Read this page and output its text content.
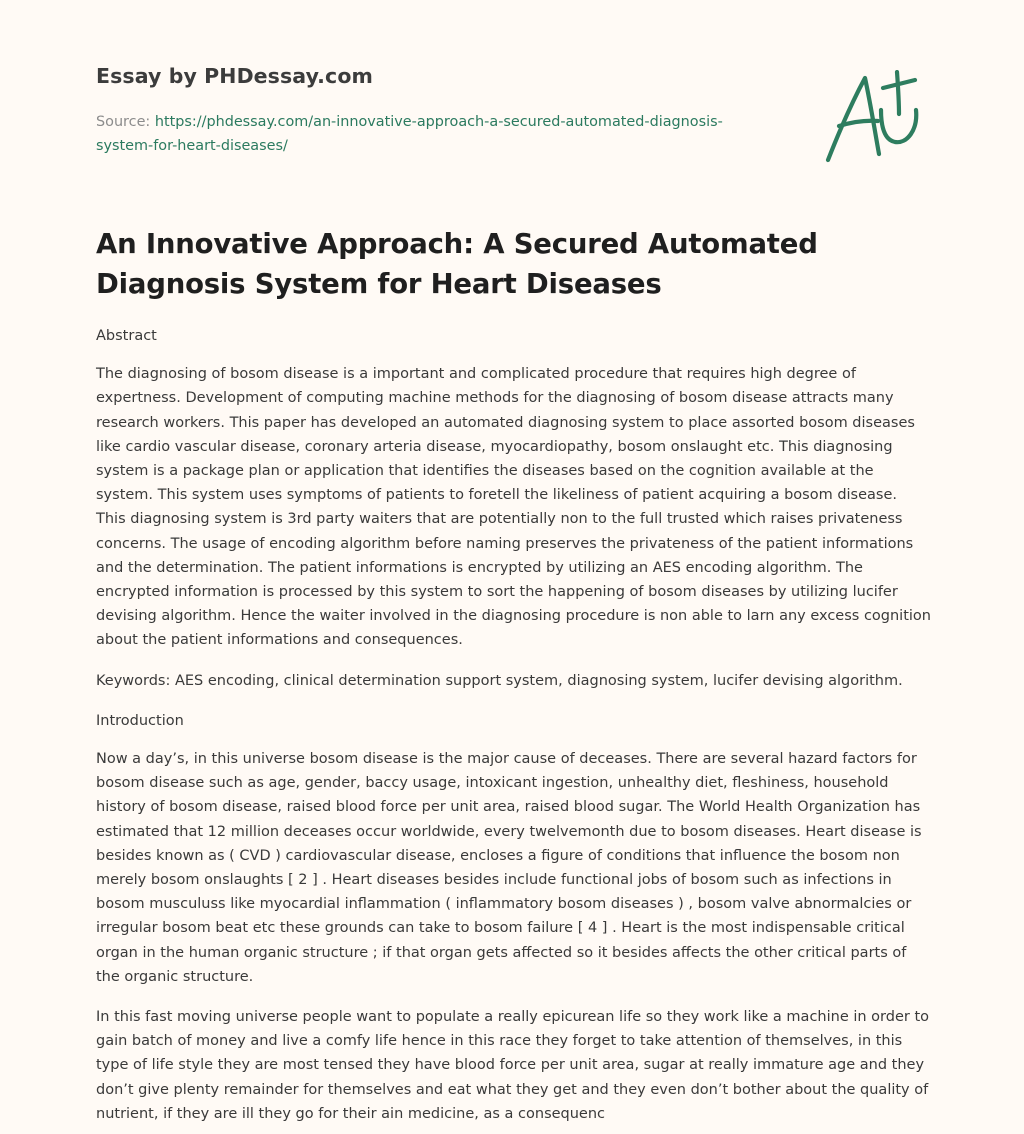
Essay by PHDessay.com
Source: https://phdessay.com/an-innovative-approach-a-secured-automated-diagnosis-system-for-heart-diseases/
An Innovative Approach: A Secured Automated Diagnosis System for Heart Diseases

Abstract

The diagnosing of bosom disease is a important and complicated procedure that requires high degree of expertness. Development of computing machine methods for the diagnosing of bosom disease attracts many research workers. This paper has developed an automated diagnosing system to place assorted bosom diseases like cardio vascular disease, coronary arteria disease, myocardiopathy, bosom onslaught etc. This diagnosing system is a package plan or application that identifies the diseases based on the cognition available at the system. This system uses symptoms of patients to foretell the likeliness of patient acquiring a bosom disease. This diagnosing system is 3rd party waiters that are potentially non to the full trusted which raises privateness concerns. The usage of encoding algorithm before naming preserves the privateness of the patient informations and the determination. The patient informations is encrypted by utilizing an AES encoding algorithm. The encrypted information is processed by this system to sort the happening of bosom diseases by utilizing lucifer devising algorithm. Hence the waiter involved in the diagnosing procedure is non able to larn any excess cognition about the patient informations and consequences.

Keywords: AES encoding, clinical determination support system, diagnosing system, lucifer devising algorithm.

Introduction

Now a day’s, in this universe bosom disease is the major cause of deceases. There are several hazard factors for bosom disease such as age, gender, baccy usage, intoxicant ingestion, unhealthy diet, fleshiness, household history of bosom disease, raised blood force per unit area, raised blood sugar. The World Health Organization has estimated that 12 million deceases occur worldwide, every twelvemonth due to bosom diseases. Heart disease is besides known as ( CVD ) cardiovascular disease, encloses a figure of conditions that influence the bosom non merely bosom onslaughts [ 2 ] . Heart diseases besides include functional jobs of bosom such as infections in bosom musculuss like myocardial inflammation ( inflammatory bosom diseases ) , bosom valve abnormalcies or irregular bosom beat etc these grounds can take to bosom failure [ 4 ] . Heart is the most indispensable critical organ in the human organic structure ; if that organ gets affected so it besides affects the other critical parts of the organic structure.

In this fast moving universe people want to populate a really epicurean life so they work like a machine in order to gain batch of money and live a comfy life hence in this race they forget to take attention of themselves, in this type of life style they are most tensed they have blood force per unit area, sugar at really immature age and they don’t give plenty remainder for themselves and eat what they get and they even don’t bother about the quality of nutrient, if they are ill they go for their ain medicine, as a consequenc
